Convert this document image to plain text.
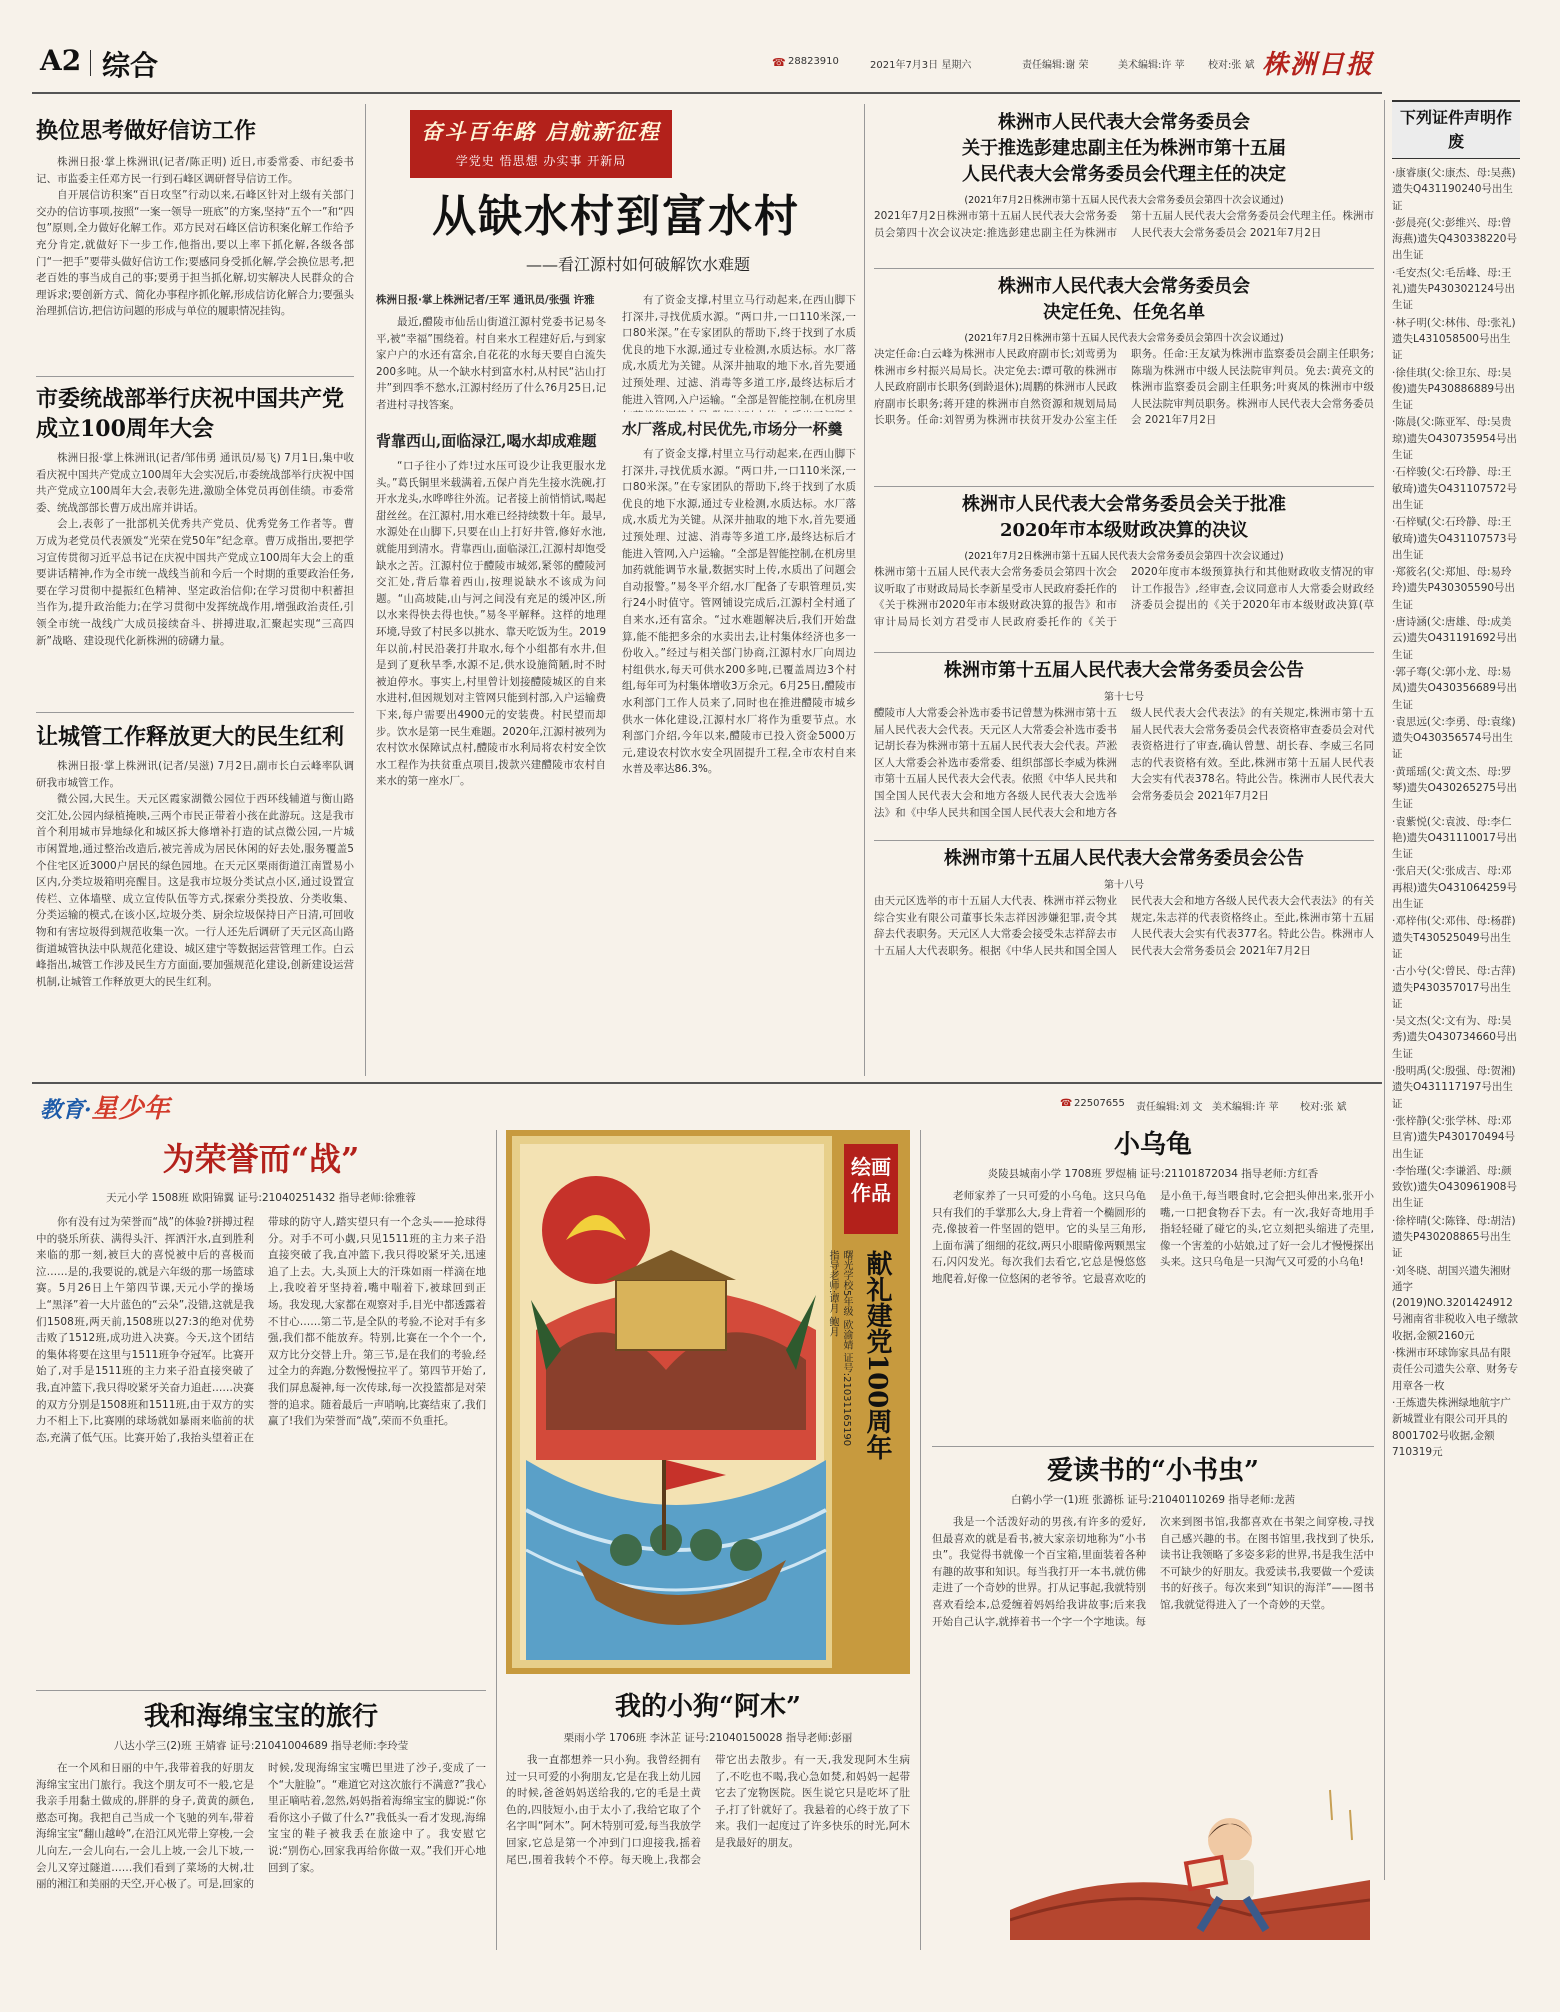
A2 综合	☎ 28823910	2021年7月3日 星期六	责任编辑:谢 荣	美术编辑:许 苹 校对:张 斌 株洲日报
换位思考做好信访工作

株洲日报·掌上株洲讯(记者/陈正明) 近日,市委常委、市纪委书记、市监委主任邓方民一行到石峰区调研督导信访工作。

自开展信访积案“百日攻坚”行动以来,石峰区针对上级有关部门交办的信访事项,按照“一案一领导一班底”的方案,坚持“五个一”和“四包”原则,全力做好化解工作。邓方民对石峰区信访积案化解工作给予充分肯定,就做好下一步工作,他指出,要以上率下抓化解,各级各部门“一把手”要带头做好信访工作;要感同身受抓化解,学会换位思考,把老百姓的事当成自己的事;要勇于担当抓化解,切实解决人民群众的合理诉求;要创新方式、简化办事程序抓化解,形成信访化解合力;要强头治理抓信访,把信访问题的形成与单位的履职情况挂钩。

市委统战部举行庆祝中国共产党成立100周年大会

株洲日报·掌上株洲讯(记者/邹伟勇 通讯员/易飞) 7月1日,集中收看庆祝中国共产党成立100周年大会实况后,市委统战部举行庆祝中国共产党成立100周年大会,表彰先进,激励全体党员再创佳绩。市委常委、统战部部长曹万成出席并讲话。

会上,表彰了一批部机关优秀共产党员、优秀党务工作者等。曹万成为老党员代表颁发“光荣在党50年”纪念章。曹万成指出,要把学习宣传贯彻习近平总书记在庆祝中国共产党成立100周年大会上的重要讲话精神,作为全市统一战线当前和今后一个时期的重要政治任务,要在学习贯彻中提振红色精神、坚定政治信仰;在学习贯彻中积蓄担当作为,提升政治能力;在学习贯彻中发挥统战作用,增强政治责任,引领全市统一战线广大成员接续奋斗、拼搏进取,汇聚起实现“三高四新”战略、建设现代化新株洲的磅礴力量。

让城管工作释放更大的民生红利

株洲日报·掌上株洲讯(记者/吴滋) 7月2日,副市长白云峰率队调研我市城管工作。

微公园,大民生。天元区霞家湖微公园位于西环线辅道与衡山路交汇处,公园内绿植掩映,三两个市民正带着小孩在此游玩。这是我市首个利用城市异地绿化和城区拆大修增补打造的试点微公园,一片城市闲置地,通过整治改造后,被完善成为居民休闲的好去处,服务覆盖5个住宅区近3000户居民的绿色园地。在天元区栗雨街道江南置易小区内,分类垃圾箱明亮醒目。这是我市垃圾分类试点小区,通过设置宣传栏、立体墙壁、成立宣传队伍等方式,探索分类投放、分类收集、分类运输的模式,在该小区,垃圾分类、厨余垃圾保持日产日清,可回收物和有害垃圾得到规范收集一次。一行人还先后调研了天元区高山路街道城管执法中队规范化建设、城区建宁等数据运营管理工作。白云峰指出,城管工作涉及民生方方面面,要加强规范化建设,创新建设运营机制,让城管工作释放更大的民生红利。

奋斗百年路 启航新征程
学党史 悟思想 办实事 开新局
从缺水村到富水村
——看江源村如何破解饮水难题
株洲日报·掌上株洲记者/王军 通讯员/张强 许雅

最近,醴陵市仙岳山街道江源村党委书记易冬平,被“幸福”围绕着。村自来水工程建好后,与到家家户户的水还有富余,自花花的水每天要自白流失200多吨。从一个缺水村到富水村,从村民“沾山打井”到四季不愁水,江源村经历了什么?6月25日,记者进村寻找答案。

背靠西山,面临渌江,喝水却成难题

“口子往小了炸!过水压可设少让我更服水龙头。”葛氏铜里米载满着,五保户肖先生接水洗碗,打开水龙头,水哗哗往外流。记者接上前悄悄试,喝起甜丝丝。在江源村,用水难已经持续数十年。最早,水源处在山脚下,只要在山上打好井管,修好水池,就能用到清水。背靠西山,面临渌江,江源村却饱受缺水之苦。江源村位于醴陵市城郊,紧邻的醴陵河交汇处,背后靠着西山,按理说缺水不该成为问题。“山高坡陡,山与河之间没有充足的缓冲区,所以水来得快去得也快。”易冬平解释。这样的地理环境,导致了村民多以挑水、靠天吃饭为生。2019年以前,村民沿袭打井取水,每个小组都有水井,但是到了夏秋旱季,水源不足,供水设施简陋,时不时被迫停水。事实上,村里曾计划接醴陵城区的自来水进村,但因规划对主管网只能到村部,入户运输费下来,每户需要出4900元的安装费。村民望而却步。饮水是第一民生难题。2020年,江源村被列为农村饮水保障试点村,醴陵市水利局将农村安全饮水工程作为扶贫重点项目,拨款兴建醴陵市农村自来水的第一座水厂。

有了资金支撑,村里立马行动起来,在西山脚下打深井,寻找优质水源。“两口井,一口110米深,一口80米深。”在专家团队的帮助下,终于找到了水质优良的地下水源,通过专业检测,水质达标。水厂落成,水质尤为关键。从深井抽取的地下水,首先要通过预处理、过滤、消毒等多道工序,最终达标后才能进入管网,入户运输。“全部是智能控制,在机房里

水厂落成,村民优先,市场分一杯羹

有了资金支撑,村里立马行动起来,在西山脚下打深井,寻找优质水源。“两口井,一口110米深,一口80米深。”在专家团队的帮助下,终于找到了水质优良的地下水源,通过专业检测,水质达标。水厂落成,水质尤为关键。从深井抽取的地下水,首先要通过预处理、过滤、消毒等多道工序,最终达标后才能进入管网,入户运输。“全部是智能控制,在机房里加药就能调节水量,数据实时上传,水质出了问题会自动报警。”易冬平介绍,水厂配备了专职管理员,实行24小时值守。管网铺设完成后,江源村全村通了自来水,还有富余。“过水难题解决后,我们开始盘算,能不能把多余的水卖出去,让村集体经济也多一份收入。”经过与相关部门协商,江源村水厂向周边村组供水,每天可供水200多吨,已覆盖周边3个村组,每年可为村集体增收3万余元。6月25日,醴陵市水利部门工作人员来了,同时也在推进醴陵市城乡供水一体化建设,江源村水厂将作为重要节点。水利部门介绍,今年以来,醴陵市已投入资金5000万元,建设农村饮水安全巩固提升工程,全市农村自来水普及率达86.3%。

株洲市人民代表大会常务委员会
关于推选彭建忠副主任为株洲市第十五届
人民代表大会常务委员会代理主任的决定
(2021年7月2日株洲市第十五届人民代表大会常务委员会第四十次会议通过)
2021年7月2日株洲市第十五届人民代表大会常务委员会第四十次会议决定:推选彭建忠副主任为株洲市第十五届人民代表大会常务委员会代理主任。株洲市人民代表大会常务委员会 2021年7月2日
株洲市人民代表大会常务委员会
决定任免、任免名单
(2021年7月2日株洲市第十五届人民代表大会常务委员会第四十次会议通过)
决定任命:白云峰为株洲市人民政府副市长;刘莺勇为株洲市乡村振兴局局长。决定免去:谭可敬的株洲市人民政府副市长职务(到龄退休);周鹏的株洲市人民政府副市长职务;蒋开建的株洲市自然资源和规划局局长职务。任命:刘智勇为株洲市扶贫开发办公室主任职务。任命:王友斌为株洲市监察委员会副主任职务;陈瑞为株洲市中级人民法院审判员。免去:黄亮文的株洲市监察委员会副主任职务;叶爽凤的株洲市中级人民法院审判员职务。株洲市人民代表大会常务委员会 2021年7月2日
株洲市人民代表大会常务委员会关于批准
2020年市本级财政决算的决议
(2021年7月2日株洲市第十五届人民代表大会常务委员会第四十次会议通过)
株洲市第十五届人民代表大会常务委员会第四十次会议听取了市财政局局长李新星受市人民政府委托作的《关于株洲市2020年市本级财政决算的报告》和市审计局局长刘方君受市人民政府委托作的《关于2020年度市本级预算执行和其他财政收支情况的审计工作报告》,经审查,会议同意市人大常委会财政经济委员会提出的《关于2020年市本级财政决算(草
株洲市第十五届人民代表大会常务委员会公告
第十七号
醴陵市人大常委会补选市委书记曾慧为株洲市第十五届人民代表大会代表。天元区人大常委会补选市委书记胡长春为株洲市第十五届人民代表大会代表。芦淞区人大常委会补选市委常委、组织部部长李威为株洲市第十五届人民代表大会代表。依照《中华人民共和国全国人民代表大会和地方各级人民代表大会选举法》和《中华人民共和国全国人民代表大会和地方各级人民代表大会代表法》的有关规定,株洲市第十五届人民代表大会常务委员会代表资格审查委员会对代表资格进行了审查,确认曾慧、胡长春、李威三名同志的代表资格有效。至此,株洲市第十五届人民代表大会实有代表378名。特此公告。株洲市人民代表大会常务委员会 2021年7月2日
株洲市第十五届人民代表大会常务委员会公告
第十八号
由天元区选举的市十五届人大代表、株洲市祥云物业综合实业有限公司董事长朱志祥因涉嫌犯罪,责令其辞去代表职务。天元区人大常委会接受朱志祥辞去市十五届人大代表职务。根据《中华人民共和国全国人民代表大会和地方各级人民代表大会代表法》的有关规定,朱志祥的代表资格终止。至此,株洲市第十五届人民代表大会实有代表377名。特此公告。株洲市人民代表大会常务委员会 2021年7月2日
下列证件声明作废
·康睿康(父:康杰、母:吴燕)遗失Q431190240号出生证
·彭晨亮(父:彭维兴、母:曾海燕)遗失Q430338220号出生证
·毛安杰(父:毛岳峰、母:王礼)遗失P430302124号出生证
·林子明(父:林伟、母:张礼)遗失L431058500号出生证
·徐佳琪(父:徐卫东、母:吴俊)遗失P430886889号出生证
·陈晨(父:陈亚军、母:吴贵琼)遗失O430735954号出生证
·石梓骏(父:石玲静、母:王敏琦)遗失O431107572号出生证
·石梓赋(父:石玲静、母:王敏琦)遗失O431107573号出生证
·郑筱名(父:郑旭、母:易玲玲)遗失P430305590号出生证
·唐诗涵(父:唐雄、母:成美云)遗失O431191692号出生证
·郭子骞(父:郭小龙、母:易凤)遗失O430356689号出生证
·袁思远(父:李勇、母:袁缘)遗失O430356574号出生证
·黄瑶瑶(父:黄文杰、母:罗琴)遗失O430265275号出生证
·袁紫悦(父:袁波、母:李仁艳)遗失O431110017号出生证
·张启天(父:张成吉、母:邓再根)遗失O431064259号出生证
·邓梓伟(父:邓伟、母:杨群)遗失T430525049号出生证
·古小兮(父:曾民、母:古萍)遗失P430357017号出生证
·吴文杰(父:文有为、母:吴秀)遗失O430734660号出生证
·殷明禹(父:殷强、母:贺湘)遗失O431117197号出生证
·张梓静(父:张学林、母:邓旦宵)遗失P430170494号出生证
·李怡瑾(父:李谦滔、母:颜致钦)遗失O430961908号出生证
·徐梓晴(父:陈锋、母:胡洁)遗失P430208865号出生证
·刘冬晓、胡国兴遗失湘财通字(2019)NO.3201424912号湘南省非税收入电子缴款收据,金额2160元
·株洲市环球饰家具品有限责任公司遗失公章、财务专用章各一枚
·王炼遗失株洲绿地航宇广新城置业有限公司开具的8001702号收据,金额710319元
教育·星少年	☎ 22507655 责任编辑:刘 文 美术编辑:许 苹 校对:张 斌
为荣誉而“战”
天元小学 1508班 欧阳锦翼 证号:21040251432 指导老师:徐雅蓉

你有没有过为荣誉而“战”的体验?拼搏过程中的骁乐所获、满得头汗、挥洒汗水,直到胜利来临的那一刻,被巨大的喜悦被中后的喜极而泣……是的,我要说的,就是六年级的那一场篮球赛。5月26日上午第四节课,天元小学的操场上“黑泽”着一大片蓝色的“云朵”,没错,这就是我们1508班,两天前,1508班以27:3的绝对优势击败了1512班,成功进入决赛。今天,这个团结的集体将要在这里与1511班争夺冠军。比赛开始了,对手是1511班的主力来子沿直接突破了我,直冲篮下,我只得咬紧牙关奋力追赶……决赛的双方分别是1508班和1511班,由于双方的实力不相上下,比赛刚的球场就如暴雨来临前的状态,充满了低气压。比赛开始了,我抬头望着正在带球的防守人,踏实望只有一个念头——抢球得分。对手不可小觑,只见1511班的主力来子沿直接突破了我,直冲篮下,我只得咬紧牙关,迅速追了上去。大,头顶上大的汗珠如雨一样滴在地上,我咬着牙坚持着,嘴中喘着下,被球回到正场。我发现,大家都在观察对手,目光中都透露着不甘心……第二节,是全队的考验,不论对手有多强,我们都不能放弃。特别,比赛在一个个一个,双方比分交替上升。第三节,是在我们的考验,经过全力的奔跑,分数慢慢拉平了。第四节开始了,我们屏息凝神,每一次传球,每一次投篮都是对荣誉的追求。随着最后一声哨响,比赛结束了,我们赢了!我们为荣誉而“战”,荣而不负重托。

我和海绵宝宝的旅行
八达小学三(2)班 王婧睿 证号:21041004689 指导老师:李玲莹

在一个风和日丽的中午,我带着我的好朋友海绵宝宝出门旅行。我这个朋友可不一般,它是我亲手用黏土做成的,胖胖的身子,黄黄的颜色,憨态可掬。我把自己当成一个飞驰的列车,带着海绵宝宝“翻山越岭”,在沿江风光带上穿梭,一会儿向左,一会儿向右,一会儿上坡,一会儿下坡,一会儿又穿过隧道……我们看到了菜场的大树,壮丽的湘江和美丽的天空,开心极了。可是,回家的时候,发现海绵宝宝嘴巴里进了沙子,变成了一个“大脏脸”。“难道它对这次旅行不满意?”我心里正嘀咕着,忽然,妈妈指着海绵宝宝的脚说:“你看你这小子做了什么?”我低头一看才发现,海绵宝宝的鞋子被我丢在旅途中了。我安慰它说:“别伤心,回家我再给你做一双。”我们开心地回到了家。

绘画
作品
献礼建党100周年
曙光学校5年级 欧渝婧 证号:21031165190
指导老师:谭月 鲍月
我的小狗“阿木”
栗雨小学 1706班 李沐芷 证号:21040150028 指导老师:彭丽

我一直都想养一只小狗。我曾经拥有过一只可爱的小狗朋友,它是在我上幼儿园的时候,爸爸妈妈送给我的,它的毛是土黄色的,四肢短小,由于太小了,我给它取了个名字叫“阿木”。阿木特别可爱,每当我放学回家,它总是第一个冲到门口迎接我,摇着尾巴,围着我转个不停。每天晚上,我都会带它出去散步。有一天,我发现阿木生病了,不吃也不喝,我心急如焚,和妈妈一起带它去了宠物医院。医生说它只是吃坏了肚子,打了针就好了。我悬着的心终于放了下来。我们一起度过了许多快乐的时光,阿木是我最好的朋友。

小乌龟
炎陵县城南小学 1708班 罗煜楠 证号:21101872034 指导老师:方红香

老师家养了一只可爱的小乌龟。这只乌龟只有我们的手掌那么大,身上背着一个椭圆形的壳,像披着一件坚固的铠甲。它的头呈三角形,上面布满了细细的花纹,两只小眼睛像两颗黑宝石,闪闪发光。每次我们去看它,它总是慢悠悠地爬着,好像一位悠闲的老爷爷。它最喜欢吃的是小鱼干,每当喂食时,它会把头伸出来,张开小嘴,一口把食物吞下去。有一次,我好奇地用手指轻轻碰了碰它的头,它立刻把头缩进了壳里,像一个害羞的小姑娘,过了好一会儿才慢慢探出头来。这只乌龟是一只淘气又可爱的小乌龟!

爱读书的“小书虫”
白鹤小学一(1)班 张潞栎 证号:21040110269 指导老师:龙茜

我是一个活泼好动的男孩,有许多的爱好,但最喜欢的就是看书,被大家亲切地称为“小书虫”。我觉得书就像一个百宝箱,里面装着各种有趣的故事和知识。每当我打开一本书,就仿佛走进了一个奇妙的世界。打从记事起,我就特别喜欢看绘本,总爱缠着妈妈给我讲故事;后来我开始自己认字,就捧着书一个字一个字地读。每次来到图书馆,我都喜欢在书架之间穿梭,寻找自己感兴趣的书。在图书馆里,我找到了快乐,读书让我领略了多姿多彩的世界,书是我生活中不可缺少的好朋友。我爱读书,我要做一个爱读书的好孩子。每次来到“知识的海洋”——图书馆,我就觉得进入了一个奇妙的天堂。
